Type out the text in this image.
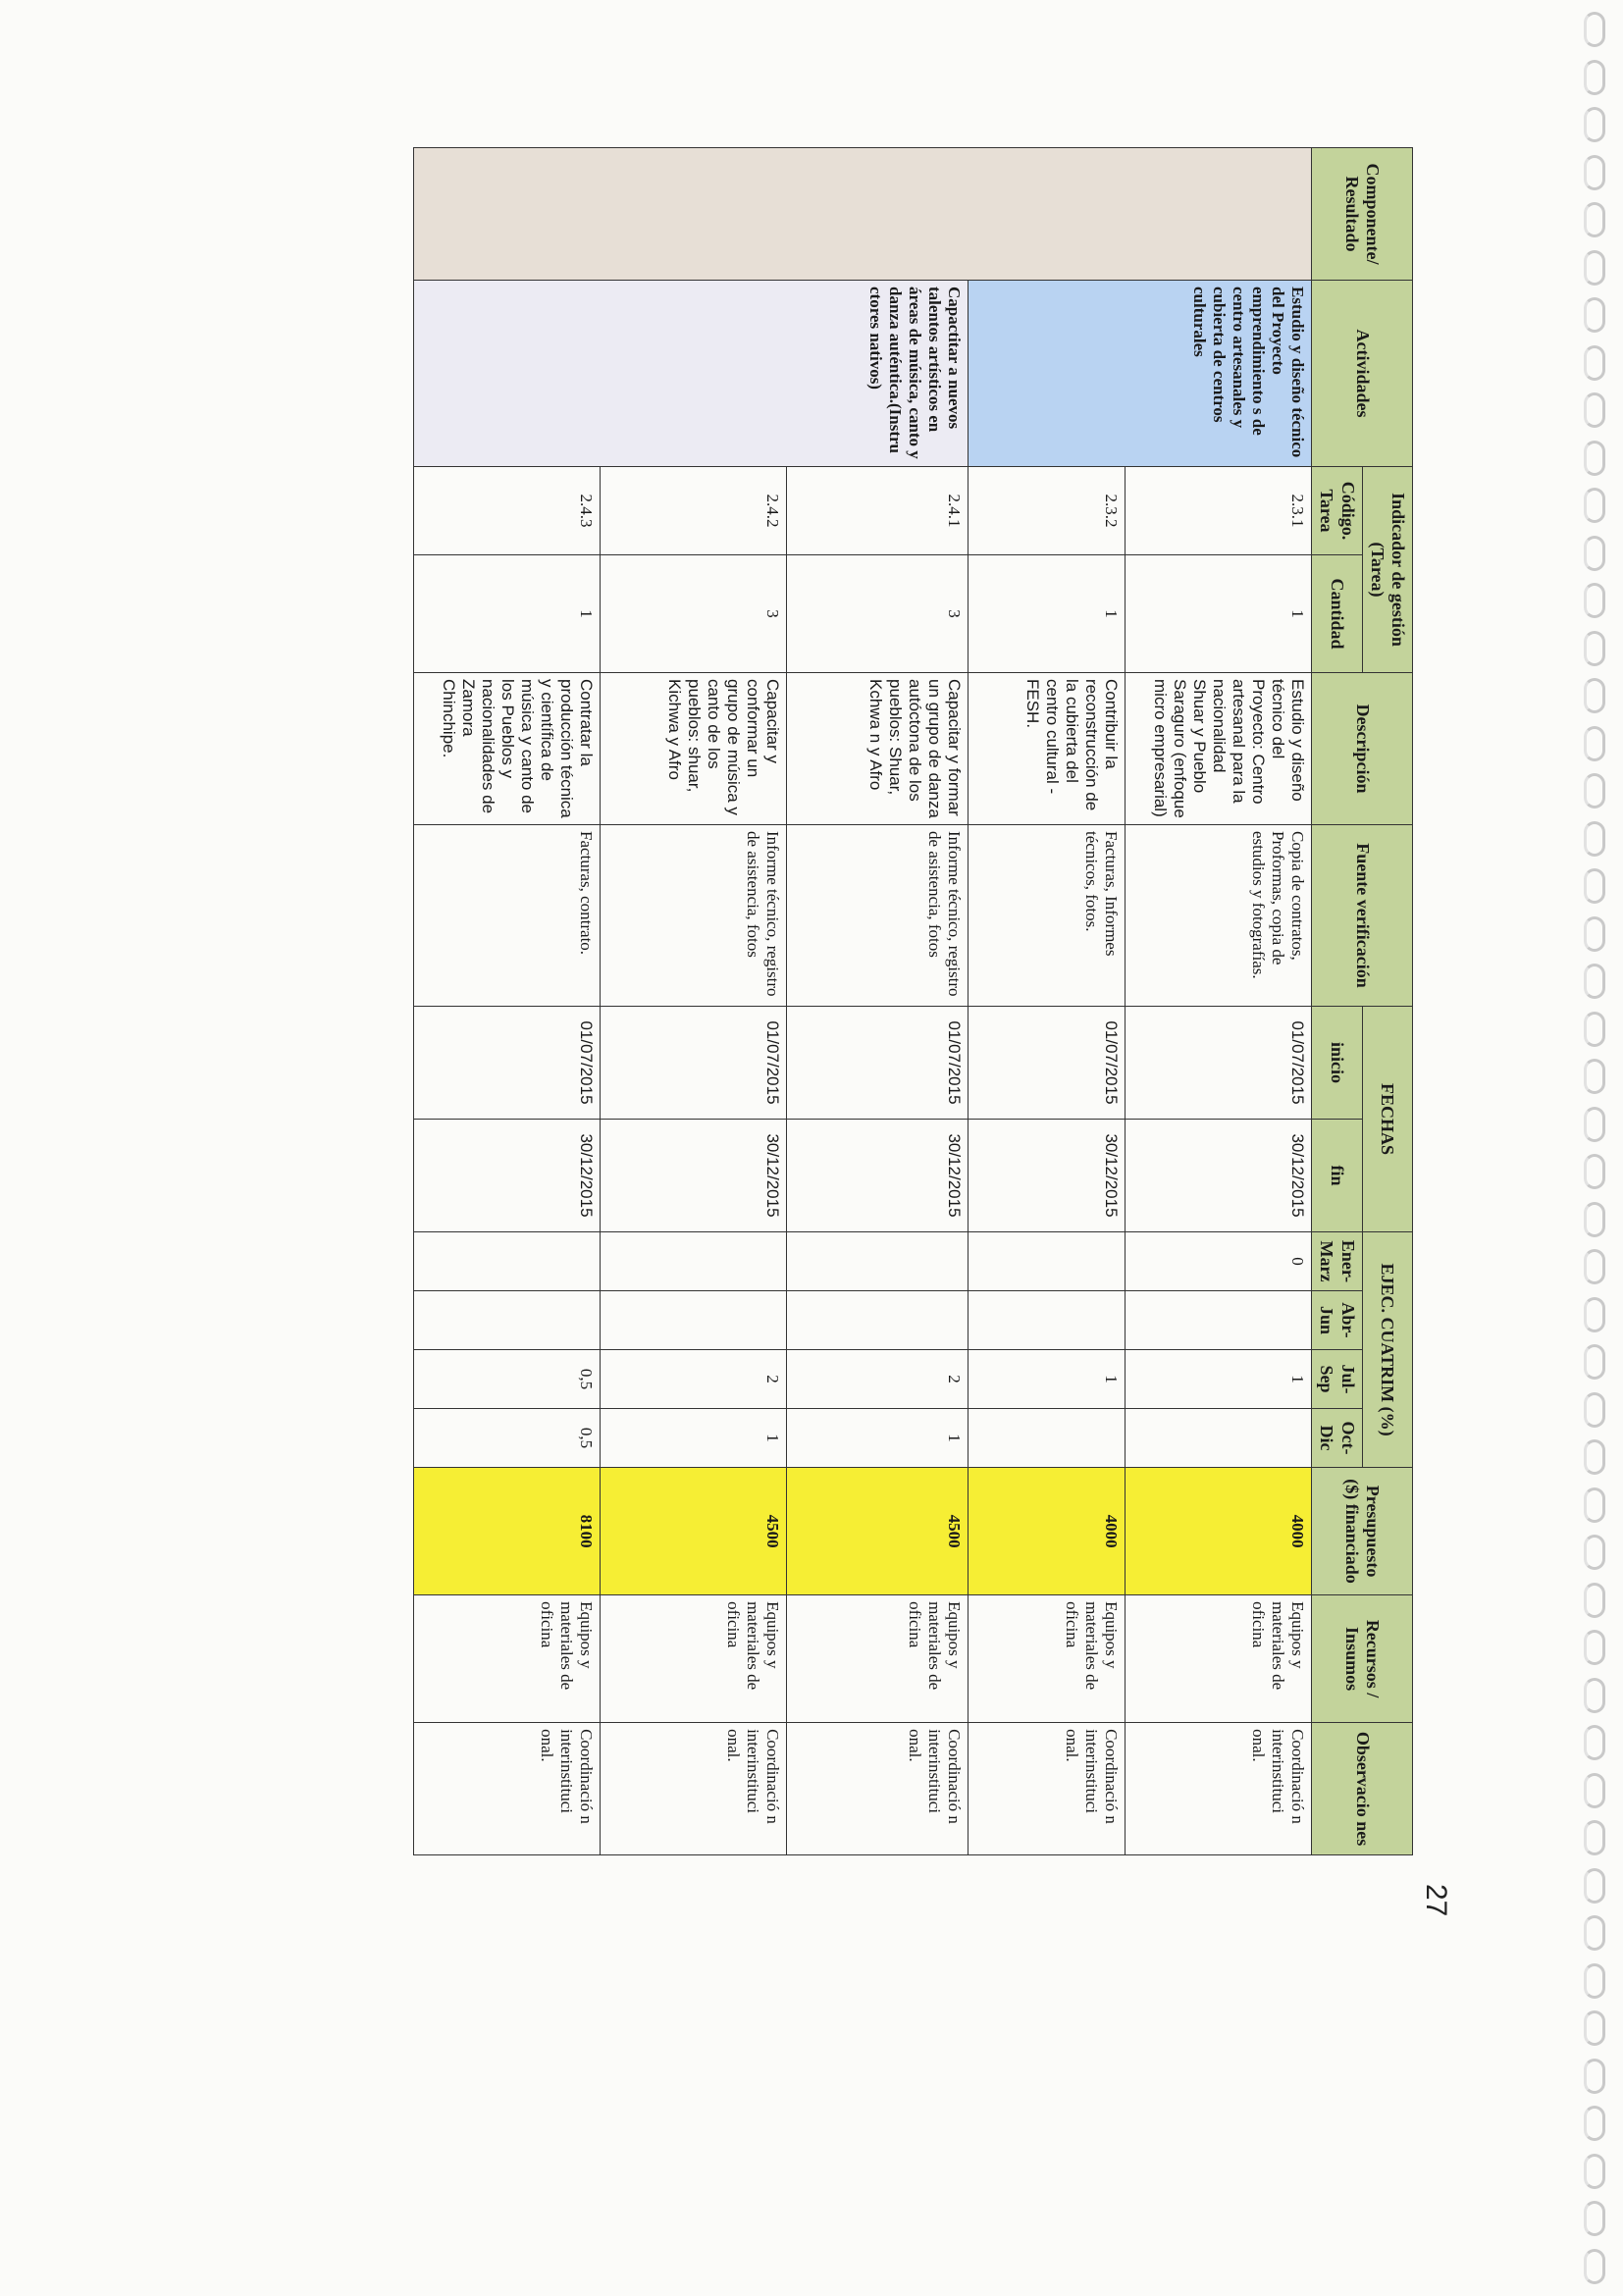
Componente/ Resultado	Actividades	Indicador de gestión (Tarea)		Descripción	Fuente verificación	FECHAS		EJEC. CUATRIM (%)				Presupuesto ($) financiado	Recursos / Insumos	Observacio nes
		Código. Tarea	Cantidad			inicio	fin	Ener- Marz	Abr- Jun	Jul- Sep	Oct- Dic			
	Estudio y diseño técnico del Proyecto emprendimiento s de centro artesanales y cubierta de centros culturales	2.3.1	1	Estudio y diseño técnico del Proyecto: Centro artesanal para la nacionalidad Shuar y Pueblo Saraguro (enfoque micro empresarial)	Copia de contratos, Proformas, copia de estudios y fotografías.	01/07/2015	30/12/2015	0		1		4000	Equipos y materiales de oficina	Coordinació n interinstituci onal.
		2.3.2	1	Contribuir la reconstrucción de la cubierta del centro cultural -FESH.	Facturas, Informes técnicos, fotos.	01/07/2015	30/12/2015			1		4000	Equipos y materiales de oficina	Coordinació n interinstituci onal.
	Capactitar a nuevos talentos artísticos en áreas de música, canto y danza auténtica.(Instru ctores nativos)	2.4.1	3	Capacitar y formar un grupo de danza autóctona de los pueblos: Shuar, Kchwa n y Afro	Informe técnico, registro de asistencia, fotos	01/07/2015	30/12/2015			2	1	4500	Equipos y materiales de oficina	Coordinació n interinstituci onal.
		2.4.2	3	Capacitar y conformar un grupo de música y canto de los pueblos: shuar, Kichwa y Afro	Informe técnico, registro de asistencia, fotos	01/07/2015	30/12/2015			2	1	4500	Equipos y materiales de oficina	Coordinació n interinstituci onal.
		2.4.3	1	Contratar la producción técnica y científica de música y canto de los Pueblos y nacionalidades de Zamora Chinchipe.	Facturas, contrato.	01/07/2015	30/12/2015			0,5	0,5	8100	Equipos y materiales de oficina	Coordinació n interinstituci onal.
27
